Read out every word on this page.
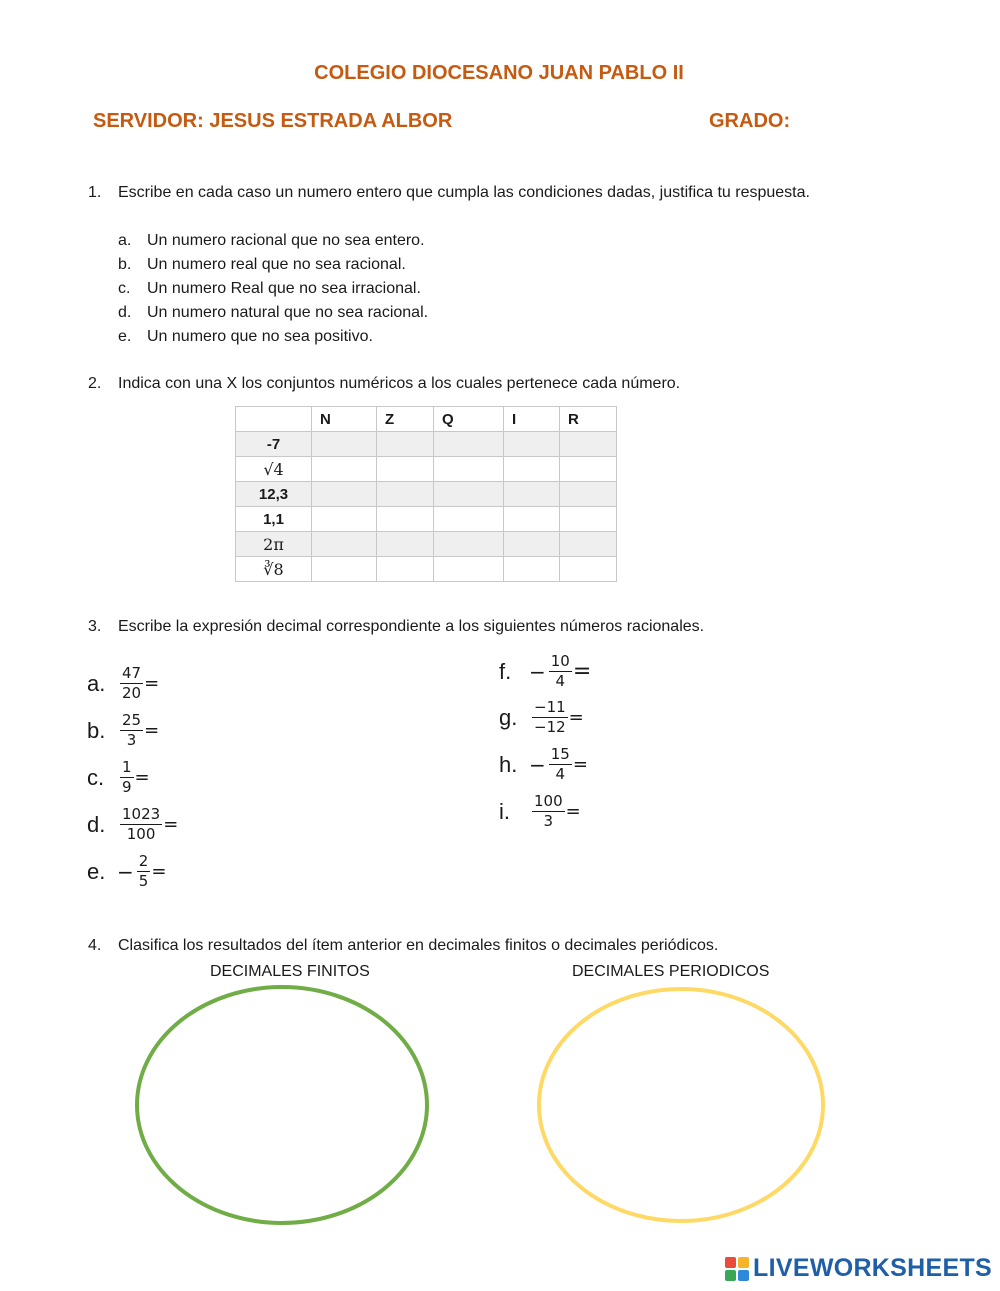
COLEGIO DIOCESANO JUAN PABLO II
SERVIDOR: JESUS ESTRADA ALBOR	GRADO:
1. Escribe en cada caso un numero entero que cumpla las condiciones dadas, justifica tu respuesta.
a. Un numero racional que no sea entero.
b. Un numero real que no sea racional.
c. Un numero Real que no sea irracional.
d. Un numero natural que no sea racional.
e. Un numero que no sea positivo.
2. Indica con una X los conjuntos numéricos a los cuales pertenece cada número.
	N	Z	Q	I	R
-7					
√4					
12,3					
1,1					
2π					
∛8					
3. Escribe la expresión decimal correspondiente a los siguientes números racionales.
a. $\frac{47}{20}$ =
b. $\frac{25}{3}$ =
c.	$\frac{1}{9}$ =
d. $\frac{1023}{100}$ =
e. − $\frac{2}{5}$ =
f. − $\frac{10}{4}$ =
g. $\frac{-11}{-12}$ =
h. − $\frac{15}{4}$ =
i.	$\frac{100}{3}$ =
4. Clasifica los resultados del ítem anterior en decimales finitos o decimales periódicos.
DECIMALES FINITOS	DECIMALES PERIODICOS
LIVEWORKSHEETS
